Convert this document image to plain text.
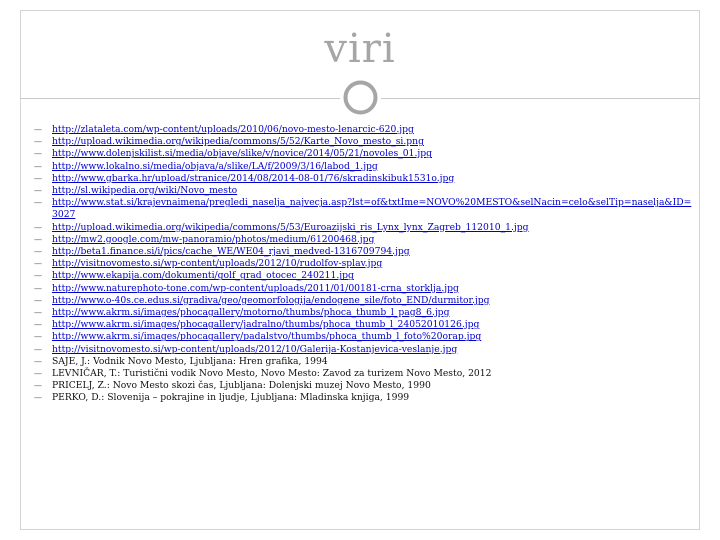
viri
—	http://zlataleta.com/wp-content/uploads/2010/06/novo-mesto-lenarcic-620.jpg
—	http://upload.wikimedia.org/wikipedia/commons/5/52/Karte_Novo_mesto_si.png
—	http://www.dolenjskilist.si/media/objave/slike/v/novice/2014/05/21/novoles_01.jpg
—	http://www.lokalno.si/media/objava/a/slike/LA/f/2009/3/16/labod_1.jpg
—	http://www.gbarka.hr/upload/stranice/2014/08/2014-08-01/76/skradinskibuk1531o.jpg
—	http://sl.wikipedia.org/wiki/Novo_mesto
—	http://www.stat.si/krajevnaimena/pregledi_naselja_najvecja.asp?lst=of&txtIme=NOVO%20MESTO&selNacin=celo&selTip=naselja&ID=3027
—	http://upload.wikimedia.org/wikipedia/commons/5/53/Euroazijski_ris_Lynx_lynx_Zagreb_112010_1.jpg
—	http://mw2.google.com/mw-panoramio/photos/medium/61200468.jpg
—	http://beta1.finance.si/i/pics/cache_WE/WE04_rjavi_medved-1316709794.jpg
—	http://visitnovomesto.si/wp-content/uploads/2012/10/rudolfov-splav.jpg
—	http://www.ekapija.com/dokumenti/golf_grad_otocec_240211.jpg
—	http://www.naturephoto-tone.com/wp-content/uploads/2011/01/00181-crna_storklja.jpg
—	http://www.o-40s.ce.edus.si/gradiva/geo/geomorfologija/endogene_sile/foto_END/durmitor.jpg
—	http://www.akrm.si/images/phocagallery/motorno/thumbs/phoca_thumb_l_pag8_6.jpg
—	http://www.akrm.si/images/phocagallery/jadralno/thumbs/phoca_thumb_l_24052010126.jpg
—	http://www.akrm.si/images/phocagallery/padalstvo/thumbs/phoca_thumb_l_foto%20orap.jpg
—	http://visitnovomesto.si/wp-content/uploads/2012/10/Galerija-Kostanjevica-veslanje.jpg
—	SAJE, J.: Vodnik Novo Mesto, Ljubljana: Hren grafika, 1994
—	LEVNIČAR, T.: Turistični vodik Novo Mesto, Novo Mesto: Zavod za turizem Novo Mesto, 2012
—	PRICELJ, Z.: Novo Mesto skozi čas, Ljubljana: Dolenjski muzej Novo Mesto, 1990
—	PERKO, D.: Slovenija – pokrajine in ljudje, Ljubljana: Mladinska knjiga, 1999
